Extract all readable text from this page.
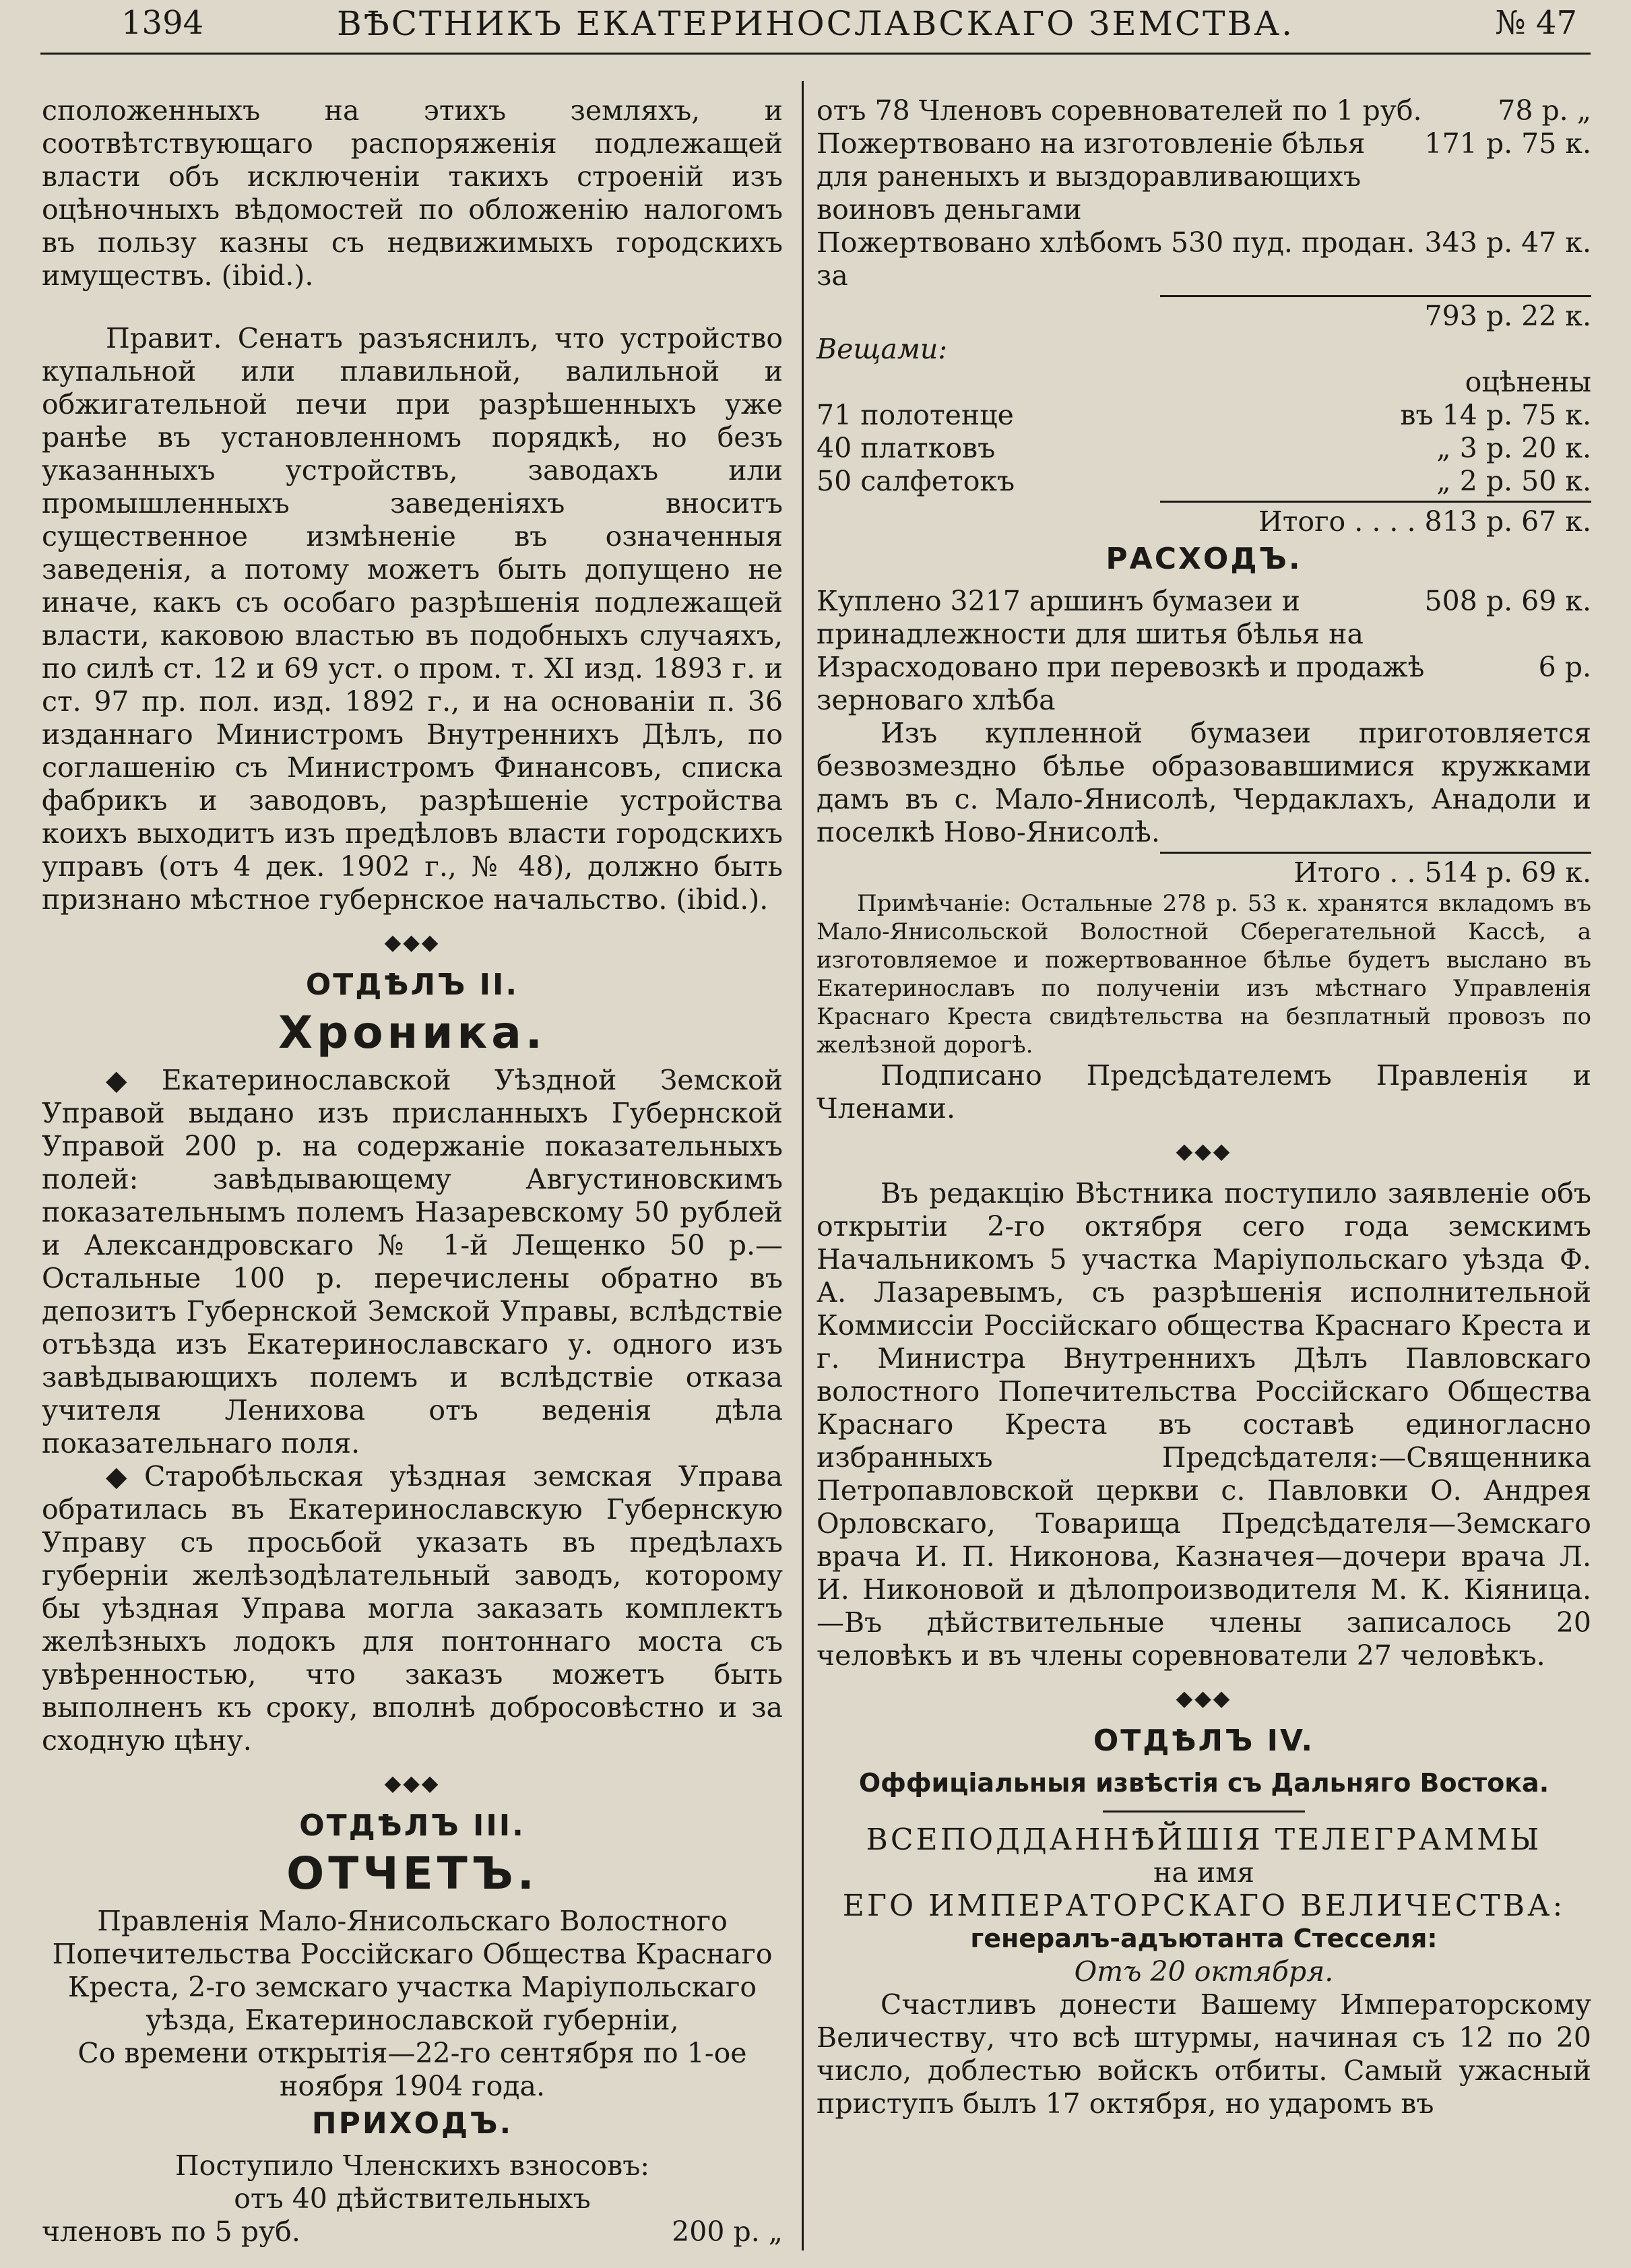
1394	ВѢСТНИКЪ ЕКАТЕРИНОСЛАВСКАГО ЗЕМСТВА.	№ 47

сположенныхъ на этихъ земляхъ, и соотвѣтствующаго распоряженія подлежащей власти объ исключеніи такихъ строеній изъ оцѣночныхъ вѣдомостей по обложенію налогомъ въ пользу казны съ недвижимыхъ городскихъ имуществъ. (ibid.).

Правит. Сенатъ разъяснилъ, что устройство купальной или плавильной, валильной и обжигательной печи при разрѣшенныхъ уже ранѣе въ установленномъ порядкѣ, но безъ указанныхъ устройствъ, заводахъ или промышленныхъ заведеніяхъ вноситъ существенное измѣненіе въ означенныя заведенія, а потому можетъ быть допущено не иначе, какъ съ особаго разрѣшенія подлежащей власти, каковою властью въ подобныхъ случаяхъ, по силѣ ст. 12 и 69 уст. о пром. т. XI изд. 1893 г. и ст. 97 пр. пол. изд. 1892 г., и на основаніи п. 36 изданнаго Министромъ Внутреннихъ Дѣлъ, по соглашенію съ Министромъ Финансовъ, списка фабрикъ и заводовъ, разрѣшеніе устройства коихъ выходитъ изъ предѣловъ власти городскихъ управъ (отъ 4 дек. 1902 г., № 48), должно быть признано мѣстное губернское начальство. (ibid.).

◆◆◆
ОТДѢЛЪ II.
Хроника.

◆Екатеринославской Уѣздной Земской Управой выдано изъ присланныхъ Губернской Управой 200 р. на содержаніе показательныхъ полей: завѣдывающему Августиновскимъ показательнымъ полемъ Назаревскому 50 рублей и Александровскаго № 1-й Лещенко 50 р.—Остальные 100 р. перечислены обратно въ депозитъ Губернской Земской Управы, вслѣдствіе отъѣзда изъ Екатеринославскаго у. одного изъ завѣдывающихъ полемъ и вслѣдствіе отказа учителя Ленихова отъ веденія дѣла показательнаго поля.

◆Старобѣльская уѣздная земская Управа обратилась въ Екатеринославскую Губернскую Управу съ просьбой указать въ предѣлахъ губерніи желѣзодѣлательный заводъ, которому бы уѣздная Управа могла заказать комплектъ желѣзныхъ лодокъ для понтоннаго моста съ увѣренностью, что заказъ можетъ быть выполненъ къ сроку, вполнѣ добросовѣстно и за сходную цѣну.

◆◆◆
ОТДѢЛЪ III.
ОТЧЕТЪ.

Правленія Мало-Янисольскаго Волостного Попечительства Россійскаго Общества Краснаго Креста, 2-го земскаго участка Маріупольскаго уѣзда, Екатеринославской губерніи,

Со времени открытія—22-го сентября по 1-ое ноября 1904 года.

ПРИХОДЪ.

Поступило Членскихъ взносовъ:

отъ 40 дѣйствительныхъ

членовъ по 5 руб.	200 р. „
отъ 78 Членовъ соревнователей по 1 руб.	78 р. „
Пожертвовано на изготовленіе бѣлья для раненыхъ и выздоравливающихъ воиновъ деньгами
171 р. 75 к.
Пожертвовано хлѣбомъ 530 пуд. продан. за
343 р. 47 к.

793 р. 22 к.

Вещами:

оцѣнены

71 полотенце	въ 14 р. 75 к.
40 платковъ	„ 3 р. 20 к.
50 салфетокъ	„ 2 р. 50 к.

Итого . . . . 813 р. 67 к.

РАСХОДЪ.
Куплено 3217 аршинъ бумазеи и принадлежности для шитья бѣлья на
508 р. 69 к.
Израсходовано при перевозкѣ и продажѣ зерноваго хлѣба
6 р.

Изъ купленной бумазеи приготовляется безвозмездно бѣлье образовавшимися кружками дамъ въ с. Мало-Янисолѣ, Чердаклахъ, Анадоли и поселкѣ Ново-Янисолѣ.

Итого . . 514 р. 69 к.

Примѣчаніе: Остальные 278 р. 53 к. хранятся вкладомъ въ Мало-Янисольской Волостной Сберегательной Кассѣ, а изготовляемое и пожертвованное бѣлье будетъ выслано въ Екатеринославъ по полученіи изъ мѣстнаго Управленія Краснаго Креста свидѣтельства на безплатный провозъ по желѣзной дорогѣ.

Подписано Предсѣдателемъ Правленія и Членами.

◆◆◆

Въ редакцію Вѣстника поступило заявленіе объ открытіи 2-го октября сего года земскимъ Начальникомъ 5 участка Маріупольскаго уѣзда Ф. А. Лазаревымъ, съ разрѣшенія исполнительной Коммиссіи Россійскаго общества Краснаго Креста и г. Министра Внутреннихъ Дѣлъ Павловскаго волостного Попечительства Россійскаго Общества Краснаго Креста въ составѣ единогласно избранныхъ Предсѣдателя:—Священника Петропавловской церкви с. Павловки О. Андрея Орловскаго, Товарища Предсѣдателя—Земскаго врача И. П. Никонова, Казначея—дочери врача Л. И. Никоновой и дѣлопроизводителя М. К. Кіяница.—Въ дѣйствительные члены записалось 20 человѣкъ и въ члены соревнователи 27 человѣкъ.

◆◆◆
ОТДѢЛЪ IV.

Оффиціальныя извѣстія съ Дальняго Востока.

ВСЕПОДДАННѢЙШІЯ ТЕЛЕГРАММЫ

на имя

ЕГО ИМПЕРАТОРСКАГО ВЕЛИЧЕСТВА:

генералъ-адъютанта Стесселя:

Отъ 20 октября.

Счастливъ донести Вашему Императорскому Величеству, что всѣ штурмы, начиная съ 12 по 20 число, доблестью войскъ отбиты. Самый ужасный приступъ былъ 17 октября, но ударомъ въ
